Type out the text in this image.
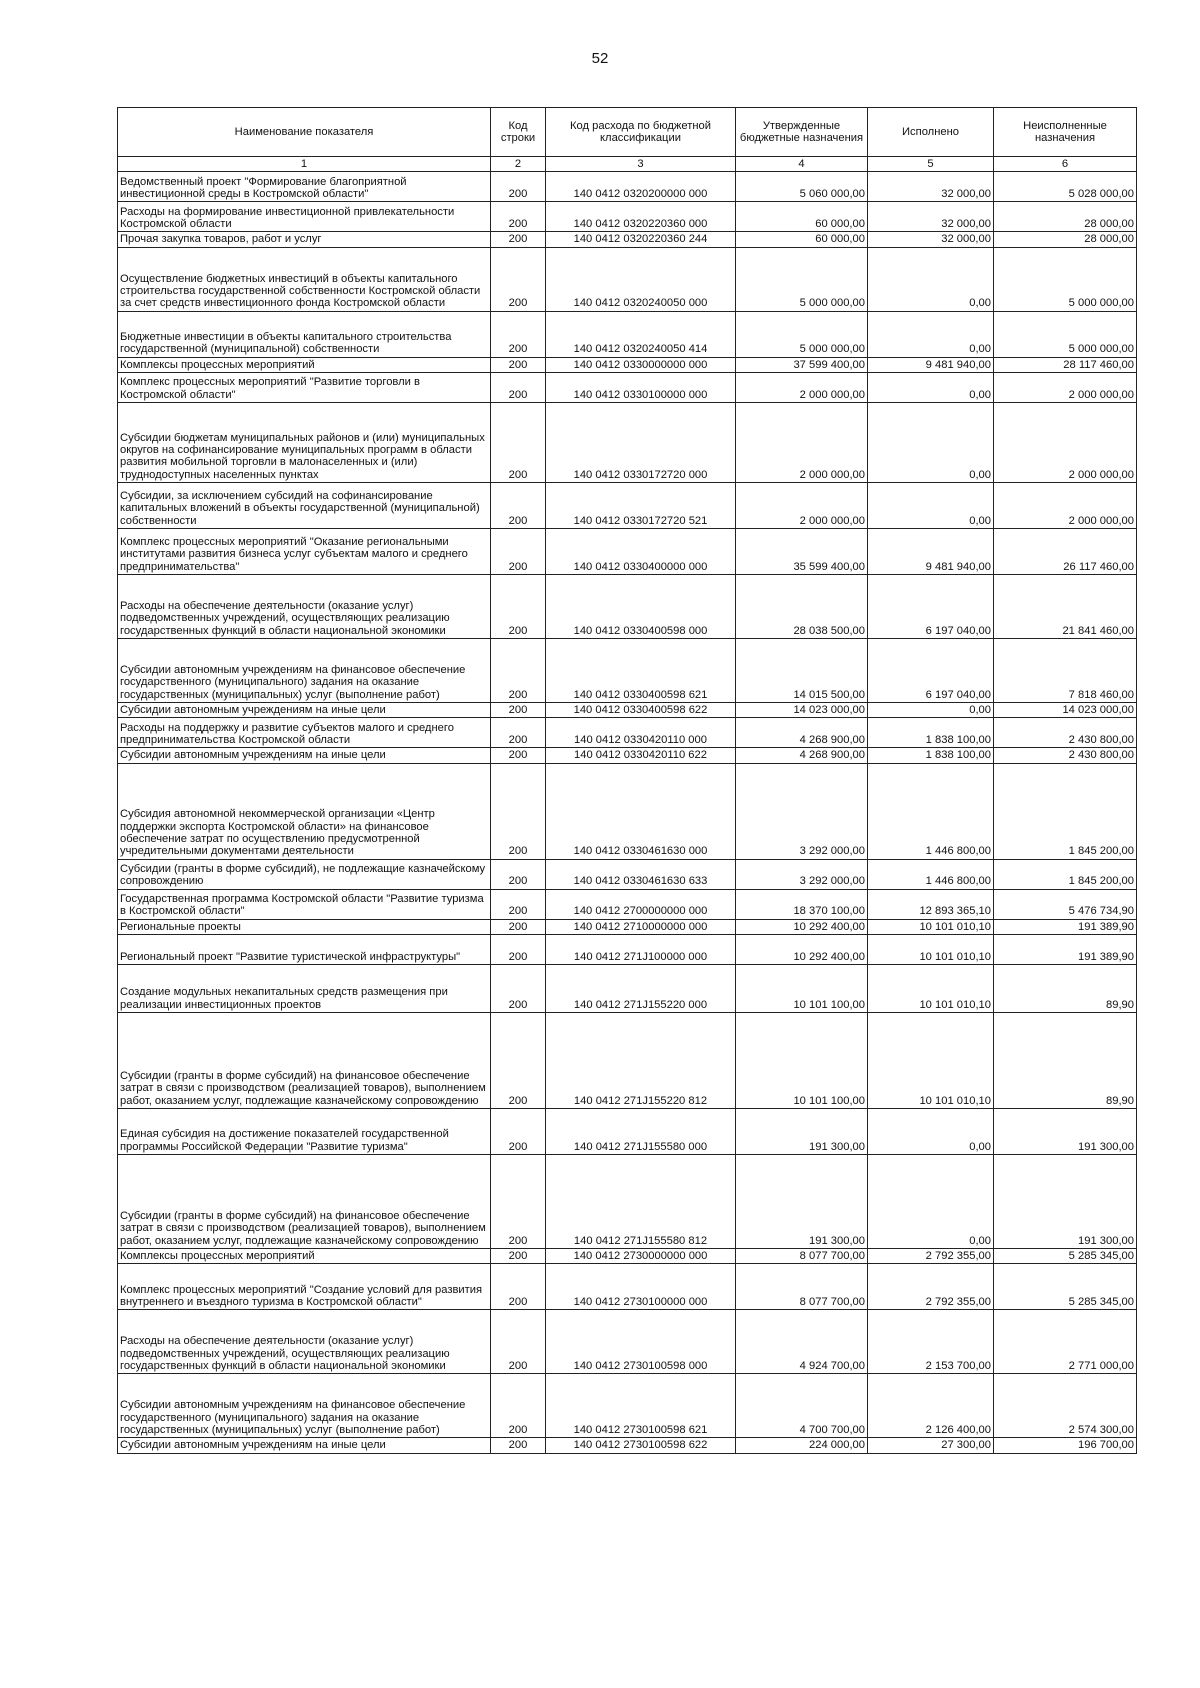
52
Наименование показателя	Код строки	Код расхода по бюджетной классификации	Утвержденные бюджетные назначения	Исполнено	Неисполненные назначения
1	2	3	4	5	6
Ведомственный проект "Формирование благоприятной инвестиционной среды в Костромской области"	200	140 0412 0320200000 000	5 060 000,00	32 000,00	5 028 000,00
Расходы на формирование инвестиционной привлекательности Костромской области	200	140 0412 0320220360 000	60 000,00	32 000,00	28 000,00
Прочая закупка товаров, работ и услуг	200	140 0412 0320220360 244	60 000,00	32 000,00	28 000,00
Осуществление бюджетных инвестиций в объекты капитального строительства государственной собственности Костромской области за счет средств инвестиционного фонда Костромской области	200	140 0412 0320240050 000	5 000 000,00	0,00	5 000 000,00
Бюджетные инвестиции в объекты капитального строительства государственной (муниципальной) собственности	200	140 0412 0320240050 414	5 000 000,00	0,00	5 000 000,00
Комплексы процессных мероприятий	200	140 0412 0330000000 000	37 599 400,00	9 481 940,00	28 117 460,00
Комплекс процессных мероприятий "Развитие торговли в Костромской области"	200	140 0412 0330100000 000	2 000 000,00	0,00	2 000 000,00
Субсидии бюджетам муниципальных районов и (или) муниципальных округов на софинансирование муниципальных программ в области развития мобильной торговли в малонаселенных и (или) труднодоступных населенных пунктах	200	140 0412 0330172720 000	2 000 000,00	0,00	2 000 000,00
Субсидии, за исключением субсидий на софинансирование капитальных вложений в объекты государственной (муниципальной) собственности	200	140 0412 0330172720 521	2 000 000,00	0,00	2 000 000,00
Комплекс процессных мероприятий "Оказание региональными институтами развития бизнеса услуг субъектам малого и среднего предпринимательства"	200	140 0412 0330400000 000	35 599 400,00	9 481 940,00	26 117 460,00
Расходы на обеспечение деятельности (оказание услуг) подведомственных учреждений, осуществляющих реализацию государственных функций в области национальной экономики	200	140 0412 0330400598 000	28 038 500,00	6 197 040,00	21 841 460,00
Субсидии автономным учреждениям на финансовое обеспечение государственного (муниципального) задания на оказание государственных (муниципальных) услуг (выполнение работ)	200	140 0412 0330400598 621	14 015 500,00	6 197 040,00	7 818 460,00
Субсидии автономным учреждениям на иные цели	200	140 0412 0330400598 622	14 023 000,00	0,00	14 023 000,00
Расходы на поддержку и развитие субъектов малого и среднего предпринимательства Костромской области	200	140 0412 0330420110 000	4 268 900,00	1 838 100,00	2 430 800,00
Субсидии автономным учреждениям на иные цели	200	140 0412 0330420110 622	4 268 900,00	1 838 100,00	2 430 800,00
Субсидия автономной некоммерческой организации «Центр поддержки экспорта Костромской области» на финансовое обеспечение затрат по осуществлению предусмотренной учредительными документами деятельности	200	140 0412 0330461630 000	3 292 000,00	1 446 800,00	1 845 200,00
Субсидии (гранты в форме субсидий), не подлежащие казначейскому сопровождению	200	140 0412 0330461630 633	3 292 000,00	1 446 800,00	1 845 200,00
Государственная программа Костромской области "Развитие туризма в Костромской области"	200	140 0412 2700000000 000	18 370 100,00	12 893 365,10	5 476 734,90
Региональные проекты	200	140 0412 2710000000 000	10 292 400,00	10 101 010,10	191 389,90
Региональный проект "Развитие туристической инфраструктуры"	200	140 0412 271J100000 000	10 292 400,00	10 101 010,10	191 389,90
Создание модульных некапитальных средств размещения при реализации инвестиционных проектов	200	140 0412 271J155220 000	10 101 100,00	10 101 010,10	89,90
Субсидии (гранты в форме субсидий) на финансовое обеспечение затрат в связи с производством (реализацией товаров), выполнением работ, оказанием услуг, подлежащие казначейскому сопровождению	200	140 0412 271J155220 812	10 101 100,00	10 101 010,10	89,90
Единая субсидия на достижение показателей государственной программы Российской Федерации "Развитие туризма"	200	140 0412 271J155580 000	191 300,00	0,00	191 300,00
Субсидии (гранты в форме субсидий) на финансовое обеспечение затрат в связи с производством (реализацией товаров), выполнением работ, оказанием услуг, подлежащие казначейскому сопровождению	200	140 0412 271J155580 812	191 300,00	0,00	191 300,00
Комплексы процессных мероприятий	200	140 0412 2730000000 000	8 077 700,00	2 792 355,00	5 285 345,00
Комплекс процессных мероприятий "Создание условий для развития внутреннего и въездного туризма в Костромской области"	200	140 0412 2730100000 000	8 077 700,00	2 792 355,00	5 285 345,00
Расходы на обеспечение деятельности (оказание услуг) подведомственных учреждений, осуществляющих реализацию государственных функций в области национальной экономики	200	140 0412 2730100598 000	4 924 700,00	2 153 700,00	2 771 000,00
Субсидии автономным учреждениям на финансовое обеспечение государственного (муниципального) задания на оказание государственных (муниципальных) услуг (выполнение работ)	200	140 0412 2730100598 621	4 700 700,00	2 126 400,00	2 574 300,00
Субсидии автономным учреждениям на иные цели	200	140 0412 2730100598 622	224 000,00	27 300,00	196 700,00
